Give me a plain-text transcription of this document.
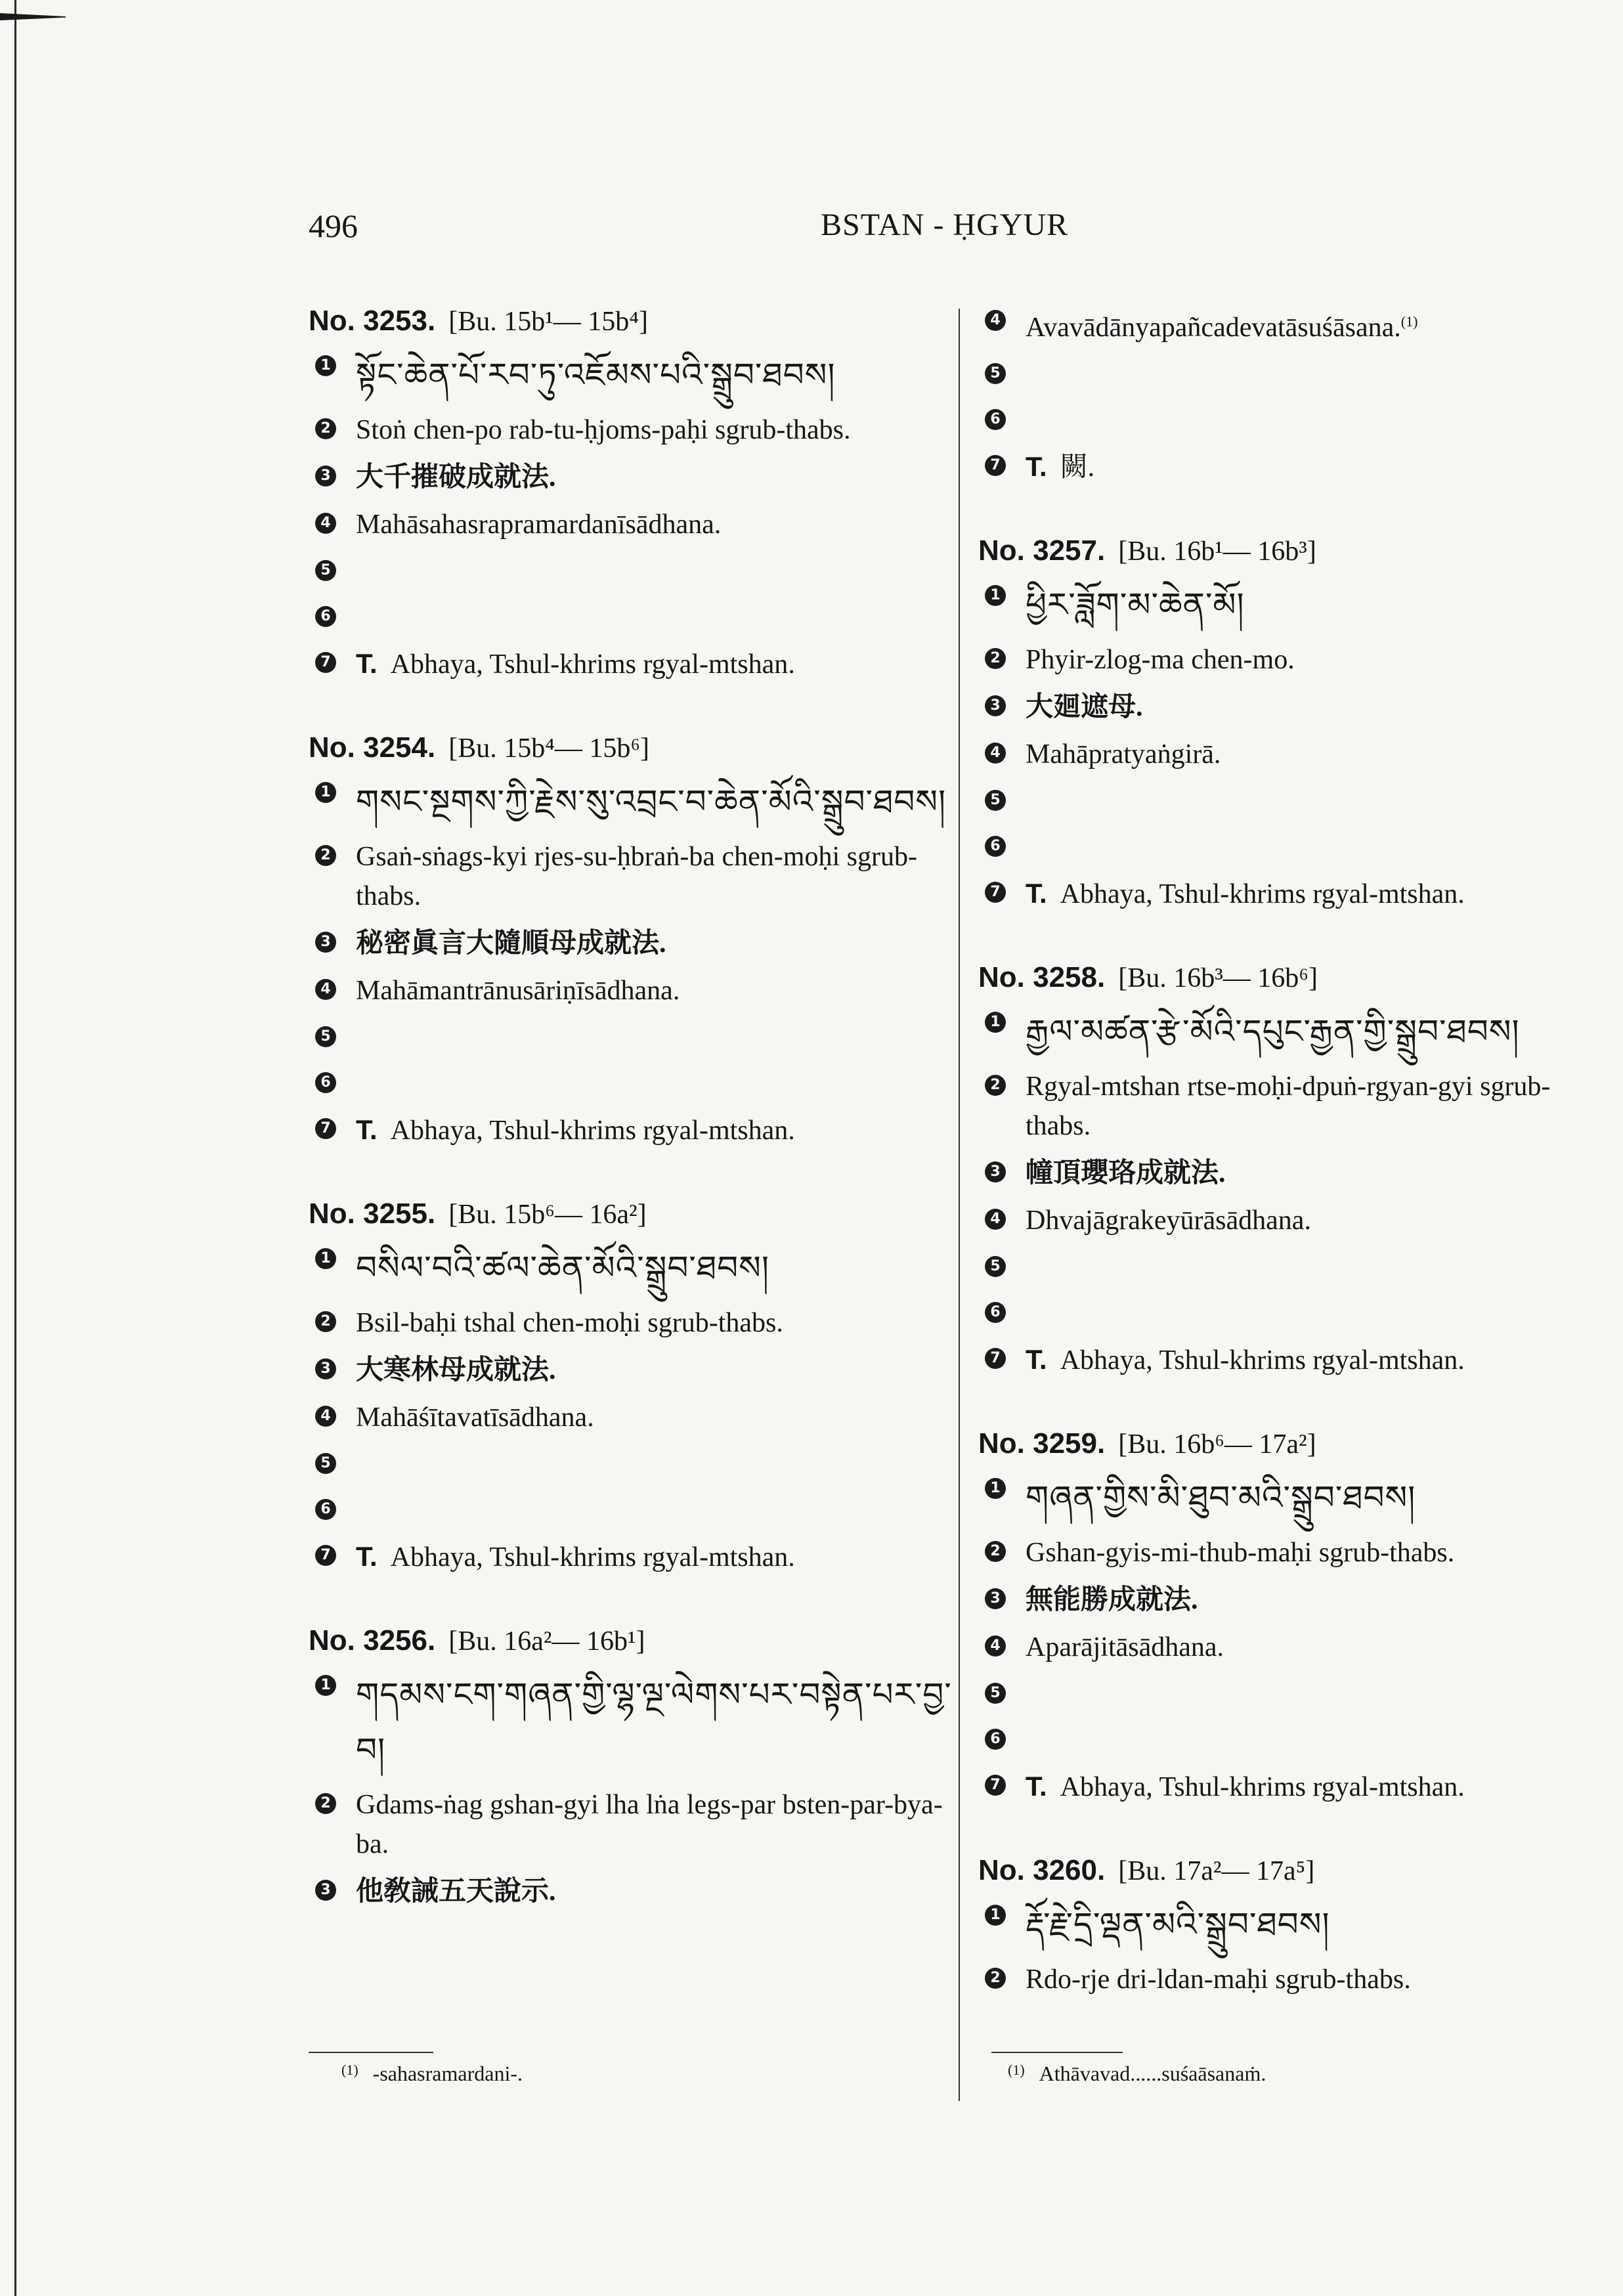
496	BSTAN - ḤGYUR
No. 3253. [Bu. 15b¹— 15b⁴]
1 སྟོང་ཆེན་པོ་རབ་ཏུ་འཇོམས་པའི་སྒྲུབ་ཐབས།
2 Stoṅ chen-po rab-tu-ḥjoms-paḥi sgrub-thabs.
3 大千摧破成就法.
4 Mahāsahasrapramardanīsādhana.
5
6
7 T. Abhaya, Tshul-khrims rgyal-mtshan.
No. 3254. [Bu. 15b⁴— 15b⁶]
1 གསང་སྔགས་ཀྱི་རྗེས་སུ་འབྲང་བ་ཆེན་མོའི་སྒྲུབ་ཐབས།
2 Gsaṅ-sṅags-kyi rjes-su-ḥbraṅ-ba chen-moḥi sgrub-thabs.
3 秘密眞言大隨順母成就法.
4 Mahāmantrānusāriṇīsādhana.
5
6
7 T. Abhaya, Tshul-khrims rgyal-mtshan.
No. 3255. [Bu. 15b⁶— 16a²]
1 བསིལ་བའི་ཚལ་ཆེན་མོའི་སྒྲུབ་ཐབས།
2 Bsil-baḥi tshal chen-moḥi sgrub-thabs.
3 大寒林母成就法.
4 Mahāśītavatīsādhana.
5
6
7 T. Abhaya, Tshul-khrims rgyal-mtshan.
No. 3256. [Bu. 16a²— 16b¹]
1 གདམས་ངག་གཞན་གྱི་ལྷ་ལྔ་ལེགས་པར་བསྟེན་པར་བྱ་བ།
2 Gdams-ṅag gshan-gyi lha lṅa legs-par bsten-par-bya-ba.
3 他敎誡五天說示.
4 Avavādānyapañcadevatāsuśāsana.$^{(1)}$
5
6
7 T. 闕.
No. 3257. [Bu. 16b¹— 16b³]
1 ཕྱིར་ཟློག་མ་ཆེན་མོ།
2 Phyir-zlog-ma chen-mo.
3 大廻遮母.
4 Mahāpratyaṅgirā.
5
6
7 T. Abhaya, Tshul-khrims rgyal-mtshan.
No. 3258. [Bu. 16b³— 16b⁶]
1 རྒྱལ་མཚན་རྩེ་མོའི་དཔུང་རྒྱན་གྱི་སྒྲུབ་ཐབས།
2 Rgyal-mtshan rtse-moḥi-dpuṅ-rgyan-gyi sgrub-thabs.
3 幢頂瓔珞成就法.
4 Dhvajāgrakeyūrāsādhana.
5
6
7 T. Abhaya, Tshul-khrims rgyal-mtshan.
No. 3259. [Bu. 16b⁶— 17a²]
1 གཞན་གྱིས་མི་ཐུབ་མའི་སྒྲུབ་ཐབས།
2 Gshan-gyis-mi-thub-maḥi sgrub-thabs.
3 無能勝成就法.
4 Aparājitāsādhana.
5
6
7 T. Abhaya, Tshul-khrims rgyal-mtshan.
No. 3260. [Bu. 17a²— 17a⁵]
1 རྡོ་རྗེ་དྲི་ལྡན་མའི་སྒྲུབ་ཐབས།
2 Rdo-rje dri-ldan-maḥi sgrub-thabs.
$^{(1)}$ -sahasramardani-.	$^{(1)}$ Athāvavad......suśaāsanaṁ.
